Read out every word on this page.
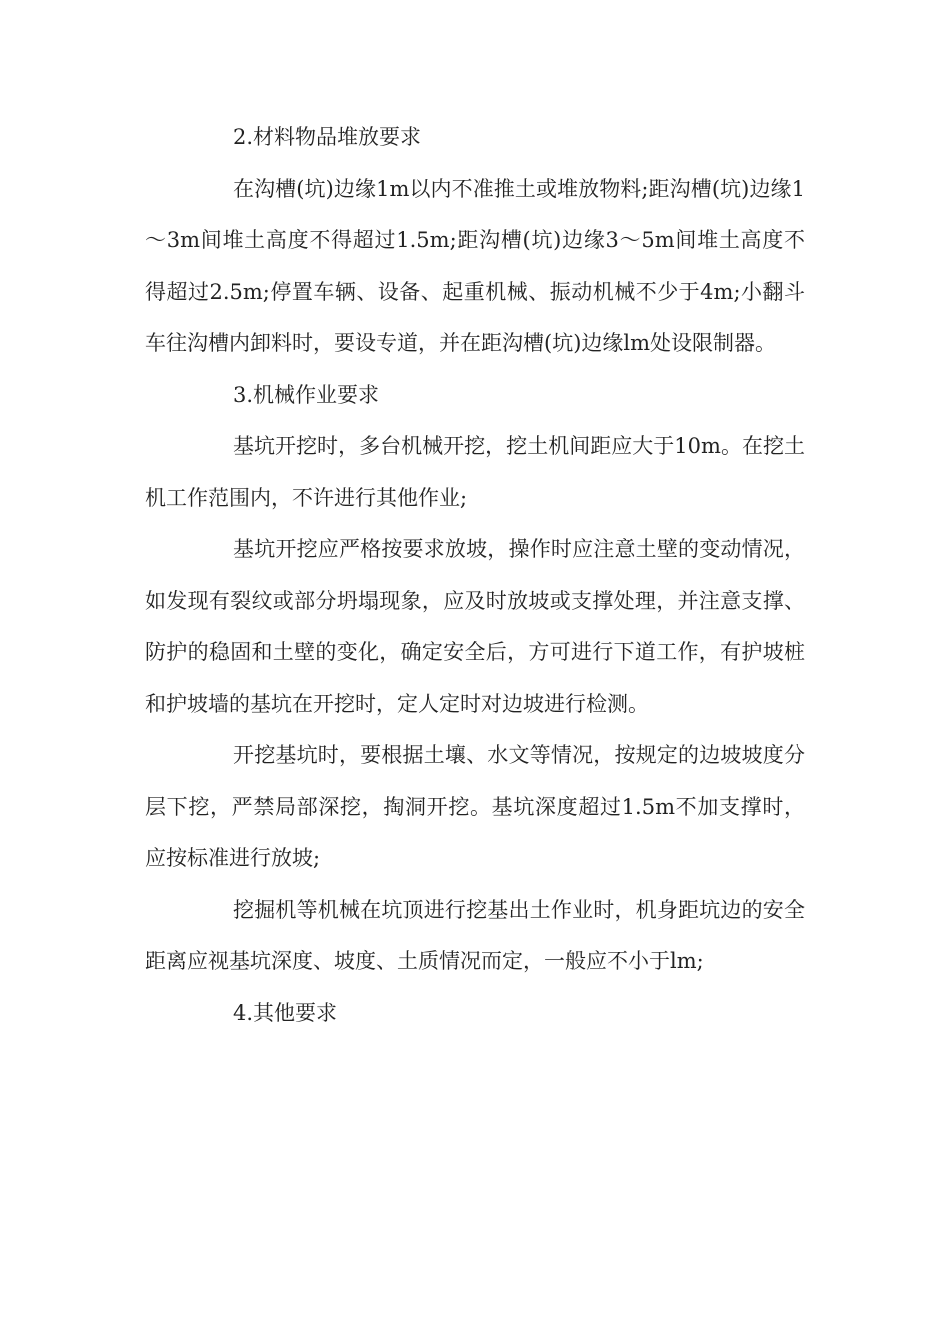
2.材料物品堆放要求

在沟槽(坑)边缘1m以内不准推土或堆放物料;距沟槽(坑)边缘1～3m间堆土高度不得超过1.5m;距沟槽(坑)边缘3～5m间堆土高度不得超过2.5m;停置车辆、设备、起重机械、振动机械不少于4m;小翻斗车往沟槽内卸料时，要设专道，并在距沟槽(坑)边缘lm处设限制器。

3.机械作业要求

基坑开挖时，多台机械开挖，挖土机间距应大于10m。在挖土机工作范围内，不许进行其他作业;

基坑开挖应严格按要求放坡，操作时应注意土壁的变动情况，如发现有裂纹或部分坍塌现象，应及时放坡或支撑处理，并注意支撑、防护的稳固和土壁的变化，确定安全后，方可进行下道工作，有护坡桩和护坡墙的基坑在开挖时，定人定时对边坡进行检测。

开挖基坑时，要根据土壤、水文等情况，按规定的边坡坡度分层下挖，严禁局部深挖，掏洞开挖。基坑深度超过1.5m不加支撑时，应按标准进行放坡;

挖掘机等机械在坑顶进行挖基出土作业时，机身距坑边的安全距离应视基坑深度、坡度、土质情况而定，一般应不小于lm;

4.其他要求
